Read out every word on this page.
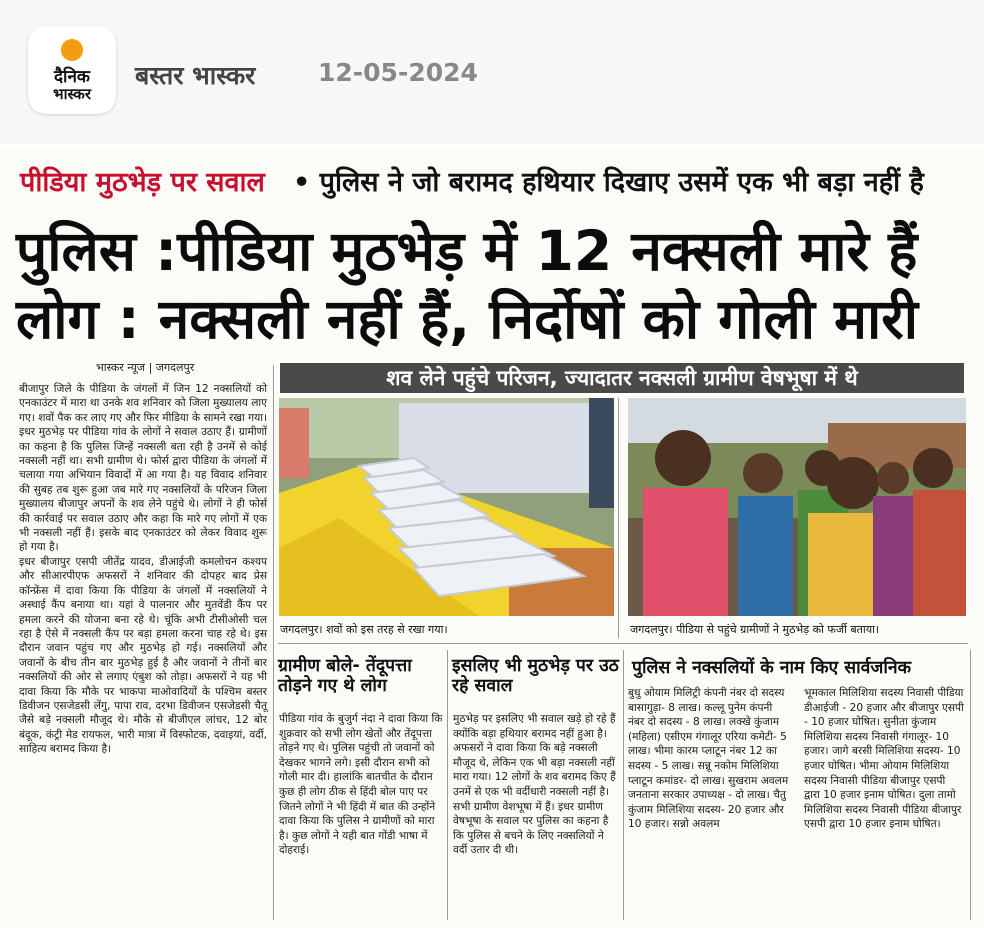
दैनिक
भास्कर
बस्तर भास्कर	12-05-2024
पीडिया मुठभेड़ पर सवाल • पुलिस ने जो बरामद हथियार दिखाए उसमें एक भी बड़ा नहीं है
पुलिस :पीडिया मुठभेड़ में 12 नक्सली मारे हैं
लोग : नक्सली नहीं हैं, निर्दोषों को गोली मारी
भास्कर न्यूज | जगदलपुर

बीजापुर जिले के पीडिया के जंगलों में जिन 12 नक्सलियों को एनकाउंटर में मारा था उनके शव शनिवार को जिला मुख्यालय लाए गए। शवों पैक कर लाए गए और फिर मीडिया के सामने रखा गया। इधर मुठभेड़ पर पीडिया गांव के लोगों ने सवाल उठाए हैं। ग्रामीणों का कहना है कि पुलिस जिन्हें नक्सली बता रही है उनमें से कोई नक्सली नहीं था। सभी ग्रामीण थे। फोर्स द्वारा पीडिया के जंगलों में चलाया गया अभियान विवादों में आ गया है। यह विवाद शनिवार की सुबह तब शुरू हुआ जब मारे गए नक्सलियों के परिजन जिला मुख्यालय बीजापुर अपनों के शव लेने पहुंचे थे। लोगों ने ही फोर्स की कार्रवाई पर सवाल उठाए और कहा कि मारे गए लोगों में एक भी नक्सली नहीं हैं। इसके बाद एनकाउंटर को लेकर विवाद शुरू हो गया है।

इधर बीजापुर एसपी जीतेंद्र यादव, डीआईजी कमलोचन कश्यप और सीआरपीएफ अफसरों ने शनिवार की दोपहर बाद प्रेस कॉन्फ्रेंस में दावा किया कि पीडिया के जंगलों में नक्सलियों ने अस्थाई कैंप बनाया था। यहां वे पालनार और मुतवेंडी कैंप पर हमला करने की योजना बना रहे थे। चूंकि अभी टीसीओसी चल रहा है ऐसे में नक्सली कैंप पर बड़ा हमला करना चाह रहे थे। इस दौरान जवान पहुंच गए और मुठभेड़ हो गई। नक्सलियों और जवानों के बीच तीन बार मुठभेड़ हुई है और जवानों ने तीनों बार नक्सलियों की ओर से लगाए एंबुश को तोड़ा। अफसरों ने यह भी दावा किया कि मौके पर भाकपा माओवादियों के पश्चिम बस्तर डिवीजन एसजेडसी लेंगु, पापा राव, दरभा डिवीजन एसजेडसी चैतू जैसे बड़े नक्सली मौजूद थे। मौके से बीजीएल लांचर, 12 बोर बंदूक, कंट्री मेड रायफल, भारी मात्रा में विस्फोटक, दवाइयां, वर्दी, साहित्य बरामद किया है।

शव लेने पहुंचे परिजन, ज्यादातर नक्सली ग्रामीण वेषभूषा में थे
जगदलपुर। शवों को इस तरह से रखा गया।	जगदलपुर। पीडिया से पहुंचे ग्रामीणों ने मुठभेड़ को फर्जी बताया।
ग्रामीण बोले- तेंदूपत्ता तोड़ने गए थे लोग

पीडिया गांव के बुजुर्ग नंदा ने दावा किया कि शुक्रवार को सभी लोग खेतों और तेंदूपत्ता तोड़ने गए थे। पुलिस पहुंची तो जवानों को देखकर भागने लगे। इसी दौरान सभी को गोली मार दी। हालांकि बातचीत के दौरान कुछ ही लोग ठीक से हिंदी बोल पाए पर जितने लोगों ने भी हिंदी में बात की उन्होंने दावा किया कि पुलिस ने ग्रामीणों को मारा है। कुछ लोगों ने यही बात गोंडी भाषा में दोहराई।

इसलिए भी मुठभेड़ पर उठ रहे सवाल

मुठभेड़ पर इसलिए भी सवाल खड़े हो रहे हैं क्योंकि बड़ा हथियार बरामद नहीं हुआ है। अफसरों ने दावा किया कि बड़े नक्सली मौजूद थे, लेकिन एक भी बड़ा नक्सली नहीं मारा गया। 12 लोगों के शव बरामद किए हैं उनमें से एक भी वर्दीधारी नक्सली नहीं है। सभी ग्रामीण वेशभूषा में हैं। इधर ग्रामीण वेषभूषा के सवाल पर पुलिस का कहना है कि पुलिस से बचने के लिए नक्सलियों ने वर्दी उतार दी थी।

पुलिस ने नक्सलियों के नाम किए सार्वजनिक

बुधु ओयाम मिलिट्री कंपनी नंबर दो सदस्य बासागुड़ा- 8 लाख। कल्लू पुनेम कंपनी नंबर दो सदस्य - 8 लाख। लक्खे कुंजाम (महिला) एसीएम गंगालूर एरिया कमेटी- 5 लाख। भीमा कारम प्लाटून नंबर 12 का सदस्य - 5 लाख। सन्नू नकोम मिलिशिया प्लाटून कमांडर- दो लाख। सुखराम अवलम जनताना सरकार उपाध्यक्ष - दो लाख। चैतु कुंजाम मिलिशिया सदस्य- 20 हजार और 10 हजार। सन्नो अवलम

भूमकाल मिलिशिया सदस्य निवासी पीडिया डीआईजी - 20 हजार और बीजापुर एसपी - 10 हजार घोषित। सुनीता कुंजाम मिलिशिया सदस्य निवासी गंगालूर- 10 हजार। जागे बरसी मिलिशिया सदस्य- 10 हजार घोषित। भीमा ओयाम मिलिशिया सदस्य निवासी पीडिया बीजापुर एसपी द्वारा 10 हजार इनाम घोषित। दुला तामो मिलिशिया सदस्य निवासी पीडिया बीजापुर एसपी द्वारा 10 हजार इनाम घोषित।
